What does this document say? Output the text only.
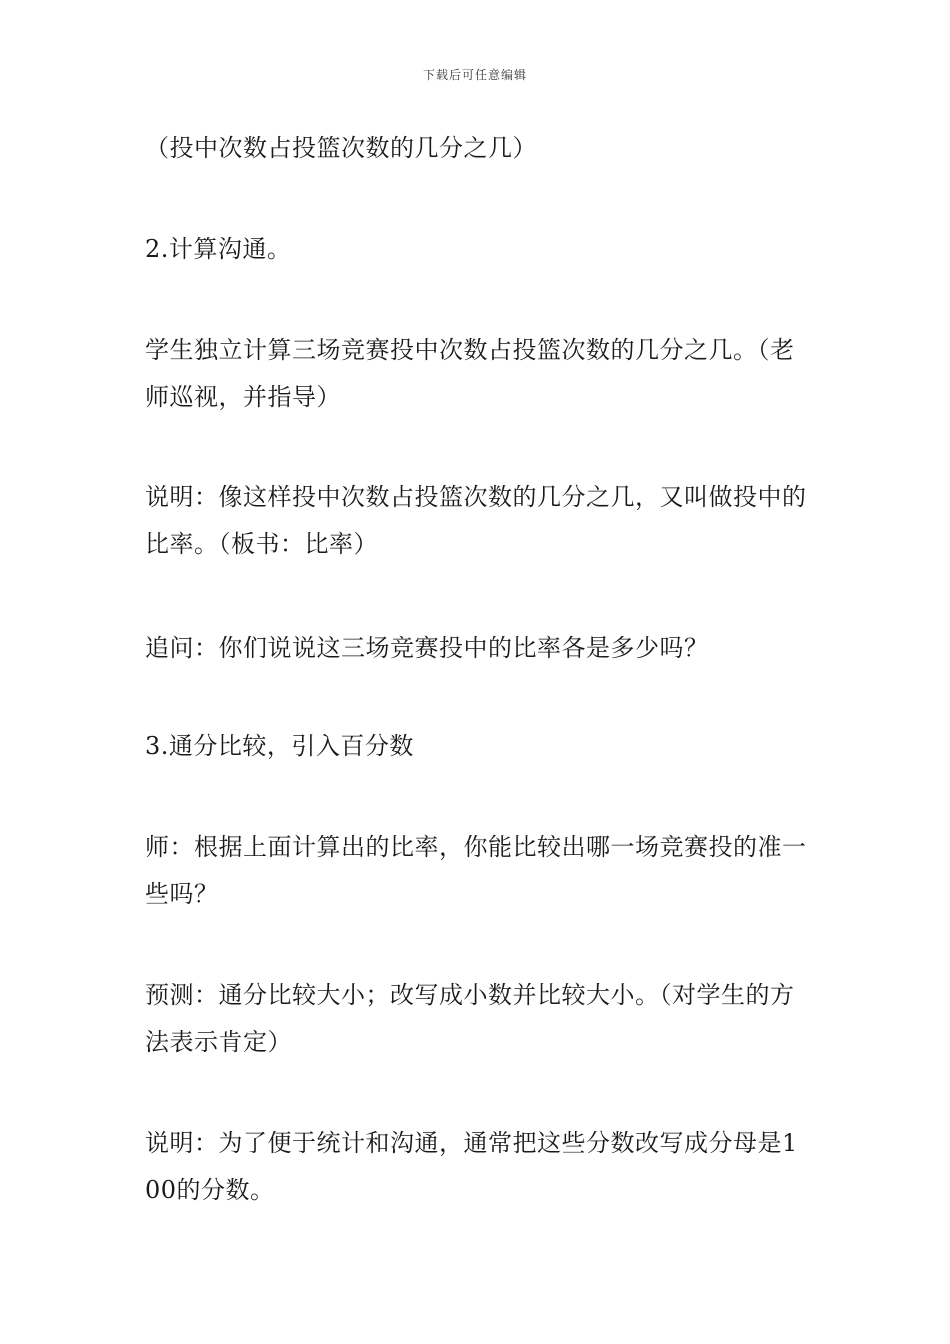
下载后可任意编辑
（投中次数占投篮次数的几分之几）
2.计算沟通。
学生独立计算三场竞赛投中次数占投篮次数的几分之几。（老师巡视，并指导）
说明：像这样投中次数占投篮次数的几分之几，又叫做投中的比率。（板书：比率）
追问：你们说说这三场竞赛投中的比率各是多少吗？
3.通分比较，引入百分数
师：根据上面计算出的比率，你能比较出哪一场竞赛投的准一些吗？
预测：通分比较大小；改写成小数并比较大小。（对学生的方法表示肯定）
说明：为了便于统计和沟通，通常把这些分数改写成分母是100的分数。
